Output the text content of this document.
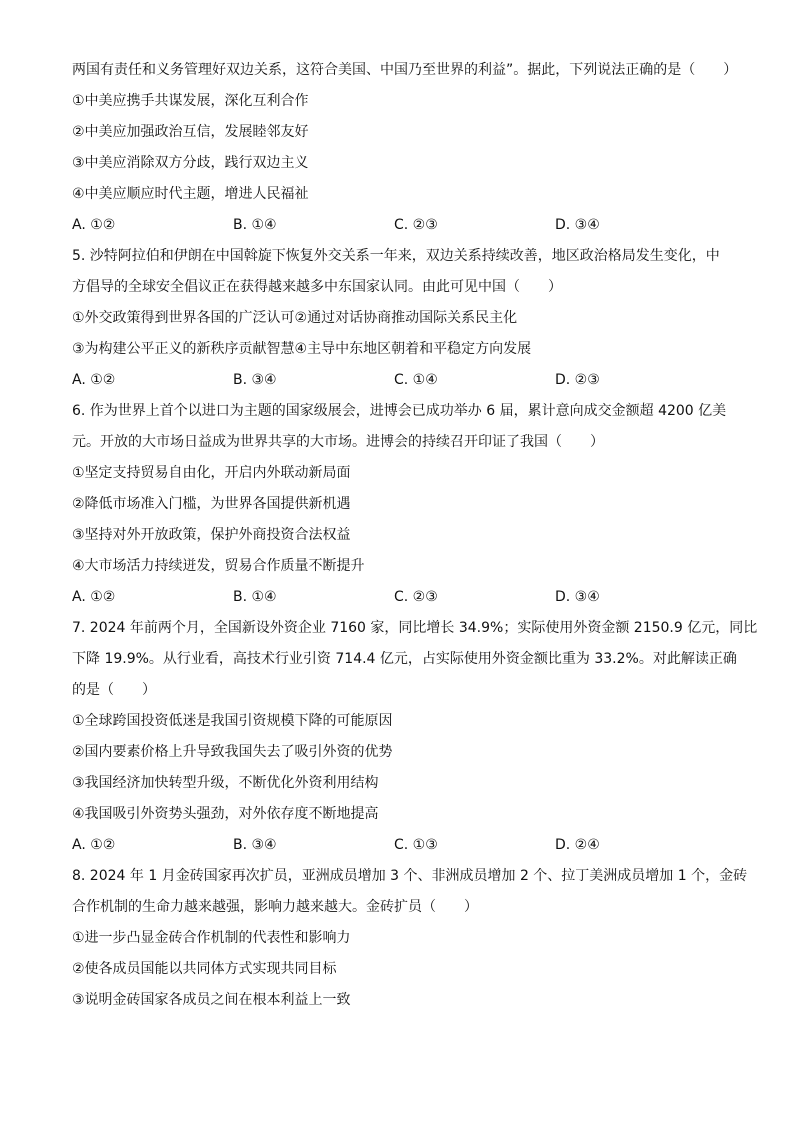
两国有责任和义务管理好双边关系，这符合美国、中国乃至世界的利益”。据此，下列说法正确的是（　　）
①中美应携手共谋发展，深化互利合作
②中美应加强政治互信，发展睦邻友好
③中美应消除双方分歧，践行双边主义
④中美应顺应时代主题，增进人民福祉
A. ①②	B. ①④	C. ②③	D. ③④
5. 沙特阿拉伯和伊朗在中国斡旋下恢复外交关系一年来，双边关系持续改善，地区政治格局发生变化，中
方倡导的全球安全倡议正在获得越来越多中东国家认同。由此可见中国（　　）
①外交政策得到世界各国的广泛认可②通过对话协商推动国际关系民主化
③为构建公平正义的新秩序贡献智慧④主导中东地区朝着和平稳定方向发展
A. ①②	B. ③④	C. ①④	D. ②③
6. 作为世界上首个以进口为主题的国家级展会，进博会已成功举办 6 届，累计意向成交金额超 4200 亿美
元。开放的大市场日益成为世界共享的大市场。进博会的持续召开印证了我国（　　）
①坚定支持贸易自由化，开启内外联动新局面
②降低市场准入门槛，为世界各国提供新机遇
③坚持对外开放政策，保护外商投资合法权益
④大市场活力持续迸发，贸易合作质量不断提升
A. ①②	B. ①④	C. ②③	D. ③④
7. 2024 年前两个月，全国新设外资企业 7160 家，同比增长 34.9%；实际使用外资金额 2150.9 亿元，同比
下降 19.9%。从行业看，高技术行业引资 714.4 亿元，占实际使用外资金额比重为 33.2%。对此解读正确
的是（　　）
①全球跨国投资低迷是我国引资规模下降的可能原因
②国内要素价格上升导致我国失去了吸引外资的优势
③我国经济加快转型升级，不断优化外资利用结构
④我国吸引外资势头强劲，对外依存度不断地提高
A. ①②	B. ③④	C. ①③	D. ②④
8. 2024 年 1 月金砖国家再次扩员，亚洲成员增加 3 个、非洲成员增加 2 个、拉丁美洲成员增加 1 个，金砖
合作机制的生命力越来越强，影响力越来越大。金砖扩员（　　）
①进一步凸显金砖合作机制的代表性和影响力
②使各成员国能以共同体方式实现共同目标
③说明金砖国家各成员之间在根本利益上一致
